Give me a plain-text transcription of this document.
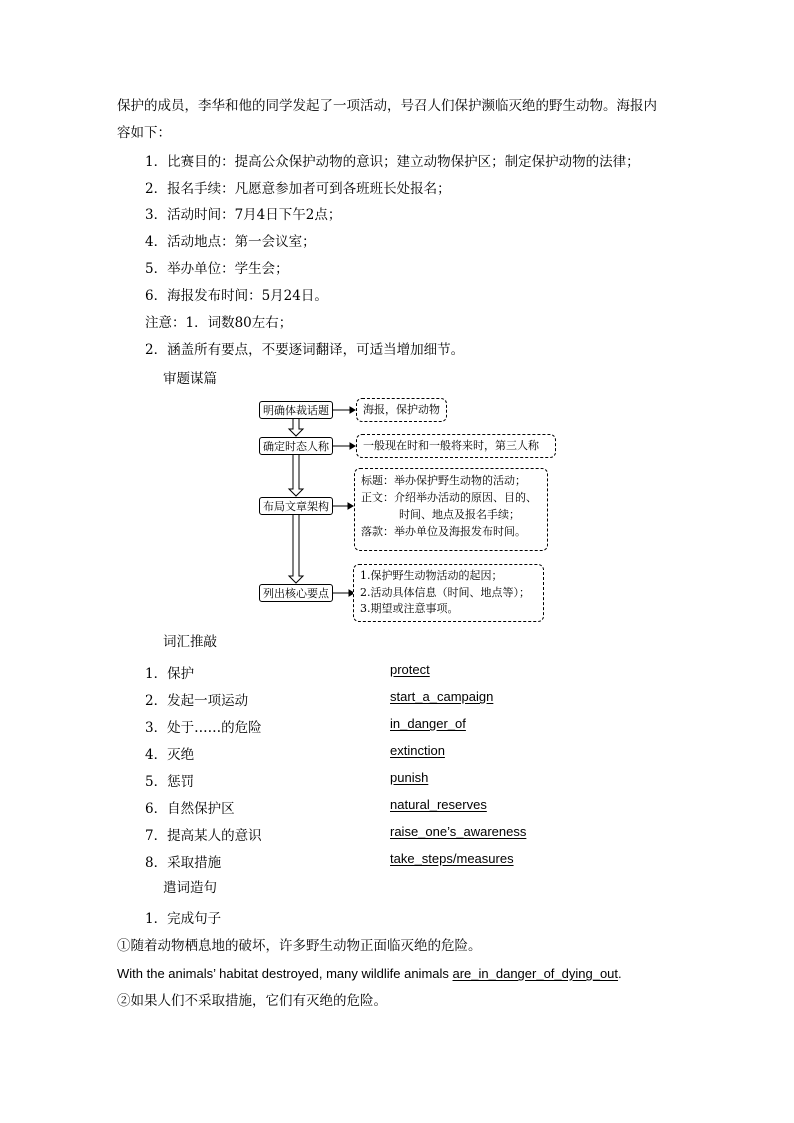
保护的成员，李华和他的同学发起了一项活动，号召人们保护濒临灭绝的野生动物。海报内
容如下：
1．比赛目的：提高公众保护动物的意识；建立动物保护区；制定保护动物的法律；
2．报名手续：凡愿意参加者可到各班班长处报名；
3．活动时间：7月4日下午2点；
4．活动地点：第一会议室；
5．举办单位：学生会；
6．海报发布时间：5月24日。
注意：1．词数80左右；
2．涵盖所有要点，不要逐词翻译，可适当增加细节。
审题谋篇
明确体裁话题
确定时态人称
布局文章架构
列出核心要点
海报，保护动物
一般现在时和一般将来时，第三人称
标题：举办保护野生动物的活动；
正文：介绍举办活动的原因、目的、
时间、地点及报名手续；
落款：举办单位及海报发布时间。
1.保护野生动物活动的起因；
2.活动具体信息（时间、地点等）；
3.期望或注意事项。
词汇推敲
1．保护	protect
2．发起一项运动	start_a_campaign
3．处于……的危险	in_danger_of
4．灭绝	extinction
5．惩罚	punish
6．自然保护区	natural_reserves
7．提高某人的意识	raise_one’s_awareness
8．采取措施	take_steps/measures
遣词造句
1．完成句子
①随着动物栖息地的破坏，许多野生动物正面临灭绝的危险。
With the animals’ habitat destroyed, many wildlife animals are_in_danger_of_dying_out.
②如果人们不采取措施，它们有灭绝的危险。
